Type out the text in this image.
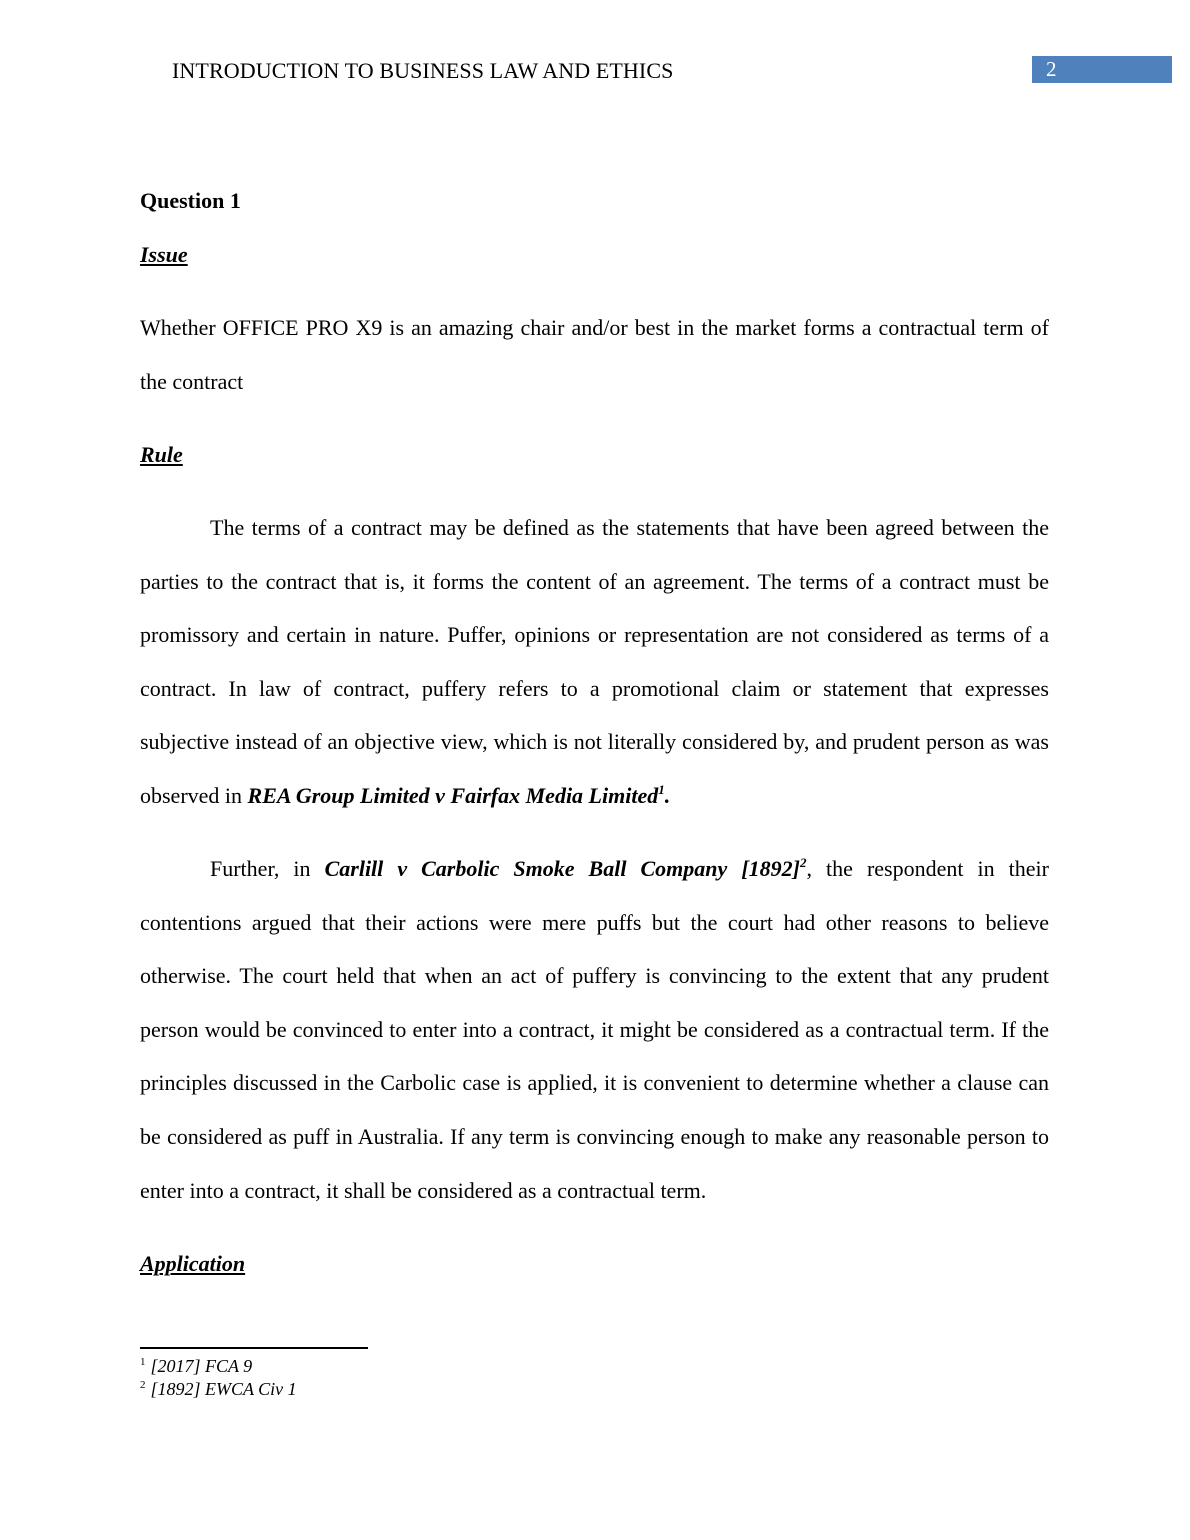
INTRODUCTION TO BUSINESS LAW AND ETHICS	2
Question 1
Issue

Whether OFFICE PRO X9 is an amazing chair and/or best in the market forms a contractual term of the contract

Rule

The terms of a contract may be defined as the statements that have been agreed between the parties to the contract that is, it forms the content of an agreement. The terms of a contract must be promissory and certain in nature. Puffer, opinions or representation are not considered as terms of a contract. In law of contract, puffery refers to a promotional claim or statement that expresses subjective instead of an objective view, which is not literally considered by, and prudent person as was observed in REA Group Limited v Fairfax Media Limited$^1$.

Further, in Carlill v Carbolic Smoke Ball Company $[1892]^2$, the respondent in their contentions argued that their actions were mere puffs but the court had other reasons to believe otherwise. The court held that when an act of puffery is convincing to the extent that any prudent person would be convinced to enter into a contract, it might be considered as a contractual term. If the principles discussed in the Carbolic case is applied, it is convenient to determine whether a clause can be considered as puff in Australia. If any term is convincing enough to make any reasonable person to enter into a contract, it shall be considered as a contractual term.

Application
$^1$ [2017] FCA 9
$^2$ [1892] EWCA Civ 1
